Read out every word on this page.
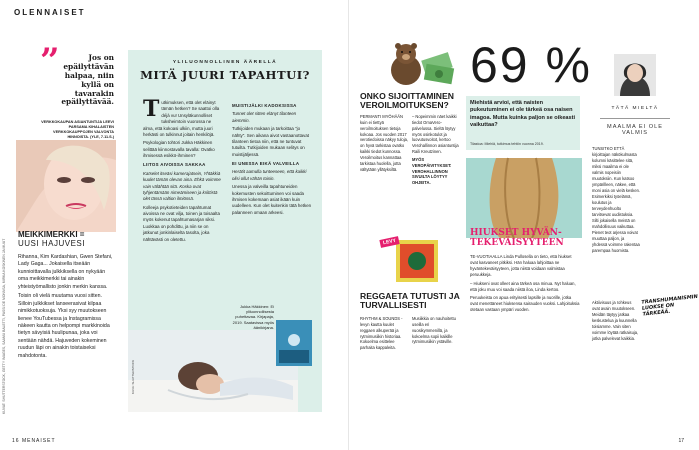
OLENNAISET
KUVAT: SHUTTERSTOCK, GETTY IMAGES, SAAMU BALETTI, PASSI DE MONNSA, MIRKA KOSKINEN JA MUUT
16 MENAISET	17
”	Jos on epäilyttävän halpaa, niin kyllä on tavarakin epäilyttävää.
VERKKOKAUPAN ASIANTUNTIJA LEEVI PARSAMA KIHALAISTEN VERKKOKAUPPOJEN VALVONTA HINNOISTA. (YLE, 7.11.S.)
MEIKKIMERKKI =
UUSI HAJUVESI

Rihanna, Kim Kardashian, Gwen Stefani, Lady Gaga... Jokaisella itseään kunnioittavalla julkkiksella on nykyään oma meikkimerkki tai ainakin yhteistyömallisto jonkin merkin kanssa.

Toisin oli vielä muutama vuosi sitten. Silloin julkkikset lanseerasivat kilpaa nimikkotuoksuja. Yksi syy muutokseen lienee YouTubessa ja Instagramissa näkeen kautta on helpompi markkinoida tietyn sävyisiä huulipunaa, joka voi sentään nähdä. Hajuveden kokeminen ruudun läpi on ainakin toistaiseksi mahdotonta.

YLILUONNOLLINEN ÄÄRELLÄ
MITÄ JUURI TAPAHTUI?

Tutkimuksen, että olet eläinyt tämän hetken? Se saattoi olla déjà vu! Unsyläkunnolliset tuksheimtoin vuorossa ne alma, että kokoasi ulkiin, mutta juuri herkästi on tulkinnut joitain henkilöjä.

Psykologian tohtori Jukka Häkkinen selittää kiinnostavalla tavalla: Ovatko ihmisessä esikkö-ihminen?

LIITOS AIVOISSA SAKKAA

Katselet itseäsi kamerajatsein, Yhtäkkiä kuulet tämän olevan aina. Ehkä voimme vain välähtää sitä. Koska ovat tyhjentämään nimeämiseen ja kriittistä olet tässä valtion ilmiössä.

Kolleeja psykotieteiden tapahtumat aivoissa ne ovat vilja, toinen ja toisaalta myös kokenut tapahtumasarjan siksi. Luokkaa on pohdittu, ja niin se on jatkunut jonkinlaiselta tasolta, joka nähtävästi on oletettu.

MUISTIJÄLKI KADOKSISSA

Tunnet olet sitten elänyt tilanteen aiemmin.

Tutkijoiden mukaan ja tarkoittaa "jo nähty". Sen aikana aivot vastaanottavat tilanteen tietoa niin, että ne tuntuvat tutuilta. Tutkijoiden mukaan selitys on muistijäljessä.

EI UNESSA EIKÄ VALVEILLA

Herätit aamulla tunteeseen, että kaikki olisi ollut vähän toisin.

Unessa ja valveilla tapahtuneiden kokemusten sekoittuminen voi saada ihmisen kokemaan asiat ikään kuin uudelleen. Kun olet kuitenkin tätä hetken palanneen omaan arkeesi.

KUVA: SHUTTERSTOCK
Jukka Häkkinen: Ei yliluonnollisesta puhettavaa. Kirjapaja, 2019. Saatavissa myös äänikirjana.
ONKO SIJOITTAMINEN VEROILMOITUKSEN?

PERMANTI MYÖHÄÄN kuin ei tiettyä veroilmoituksen tietoja kokoaa. Jos vuoden 2017 verotiedoissa näkyy tuloja, on hyvä tarkistaa ovatko kaikki tiedot kunnossa. Veroilmoitus kannattaa tarkistaa huolella, jotta vältytään yllätyksiltä.

– Nopeimmin näet kaikki tiedot OmaVero-palvelussa. Sieltä löytyy myös osinkotulot ja luovutusvoitot, kertoo Verohallinnon asiantuntija Raili Kreutzinen.

MYÖS VEROPÄIVITYKSET: VEROHALLINNON SIVUILTA LÖYTYY OHJEITA.

LEVY
REGGAETA TUTUSTI JA TURVALLISESTI
RHYTHM & SOUNDS -levyn kautta kuulet reggaen alkuperää ja rytmimusiikin historiaa. Kokoelma esittelee parhaita kappaleita.
Musiikkia on nauhoitettu useilla eri vuosikymmenillä, ja kokoelma sopii kaikille rytmimusiikin ystäville.
69 %
Miehistä arvioi, että naisten pukeutuminen ei ole tärkeä osa naisen imagoa. Mutta kuinka paljon se oikeasti vaikuttaa?
Tilastoa: Miehiä, tutkimus tehtiin vuonna 2019.
HIUKSET HYVÄN-TEKEVÄISYYTEEN

TE-VUOTIAALLA Linda Pullosella on tieto, että hiukset ovat kasvaneet pitkiksi. Hän haluaa lahjoittaa ne hyväntekeväisyyteen, jotta niistä voidaan valmistaa peruukkeja.

– Hiukseni ovat olleet aina tärkeä osa minua. Nyt haluan, että joku muu voi saada niistä iloa, Linda kertoo.

Peruukeista on apua erityisesti lapsille ja nuorille, jotka ovat menettäneet hiuksensa sairauden vuoksi. Lahjoituksia otetaan vastaan ympäri vuoden.

TÄTÄ MIELTÄ
MAALMA EI OLE VALMIS
TUNSITKO ETTÄ kirjoittajan näkökulmasta kolumni käsittelee sitä, miksi maailma ei ole valmis nopeisiin muutoksiin. Kun katsoo ympärilleen, näkee, että moni asia on vielä kesken. Esimerkiksi työelämä, koulutus ja terveydenhuolto tarvitsevat uudistuksia. Silti jokaisella meistä on mahdollisuus vaikuttaa. Pienet teot arjessa voivat muuttaa paljon, ja yhdessä voimme rakentaa parempaa huomista.
Aktiivisuus ja rohkeus ovat avain muutokseen. Meidän täytyy jatkaa keskustelua ja kuunnella toisiamme. Vain siten voimme löytää ratkaisuja, jotka palvelevat kaikkia.
TRANSHUMANISMIN LUOKSE ON TÄRKEÄÄ.
